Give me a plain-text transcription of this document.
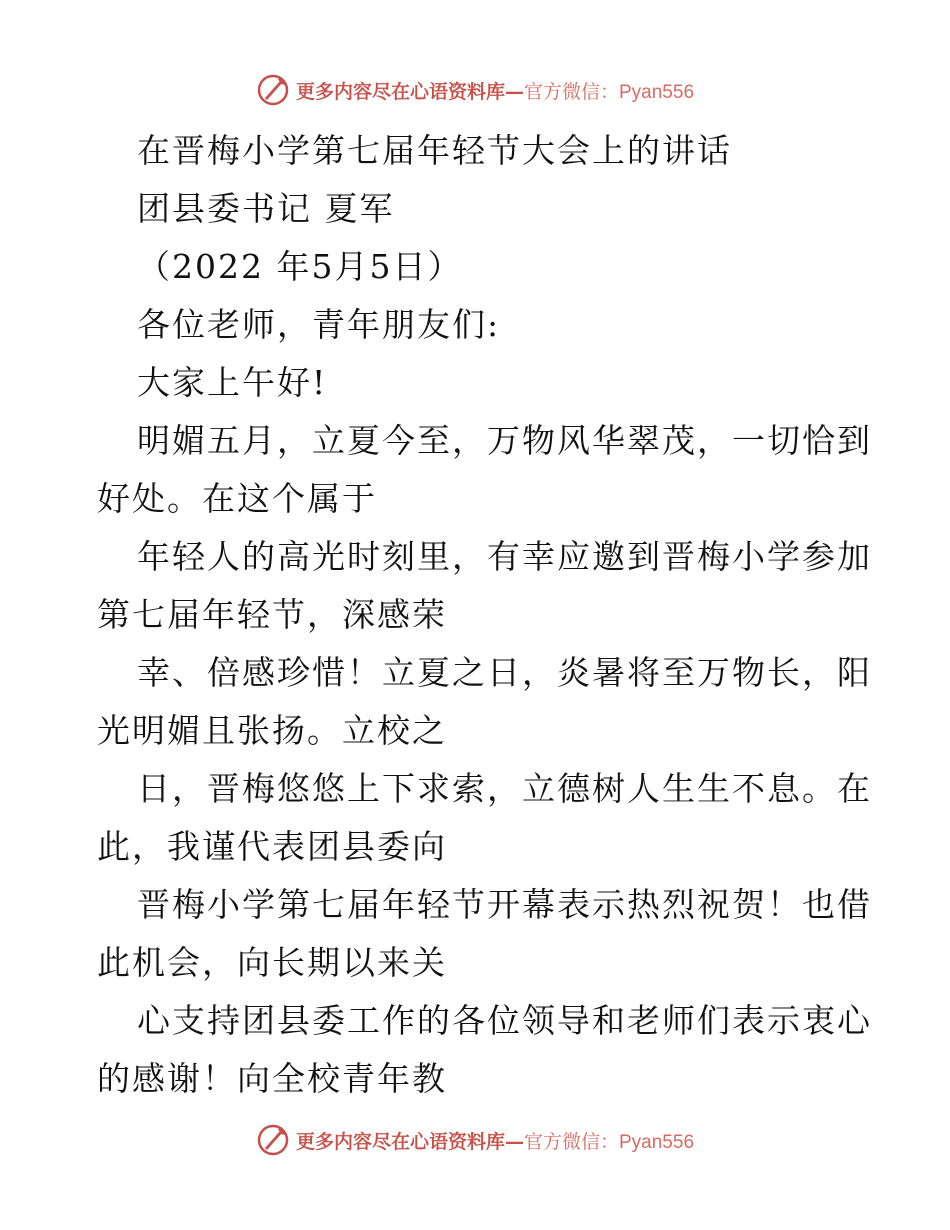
更多内容尽在心语资料库—官方微信：Pyan556
在晋梅小学第七届年轻节大会上的讲话
团县委书记 夏军
（2022 年5月5日）
各位老师，青年朋友们:
大家上午好!
明媚五月，立夏今至，万物风华翠茂，一切恰到
好处。在这个属于
年轻人的高光时刻里，有幸应邀到晋梅小学参加
第七届年轻节，深感荣
幸、倍感珍惜！立夏之日，炎暑将至万物长，阳
光明媚且张扬。立校之
日，晋梅悠悠上下求索，立德树人生生不息。在
此，我谨代表团县委向
晋梅小学第七届年轻节开幕表示热烈祝贺！也借
此机会，向长期以来关
心支持团县委工作的各位领导和老师们表示衷心
的感谢！向全校青年教
更多内容尽在心语资料库—官方微信：Pyan556
